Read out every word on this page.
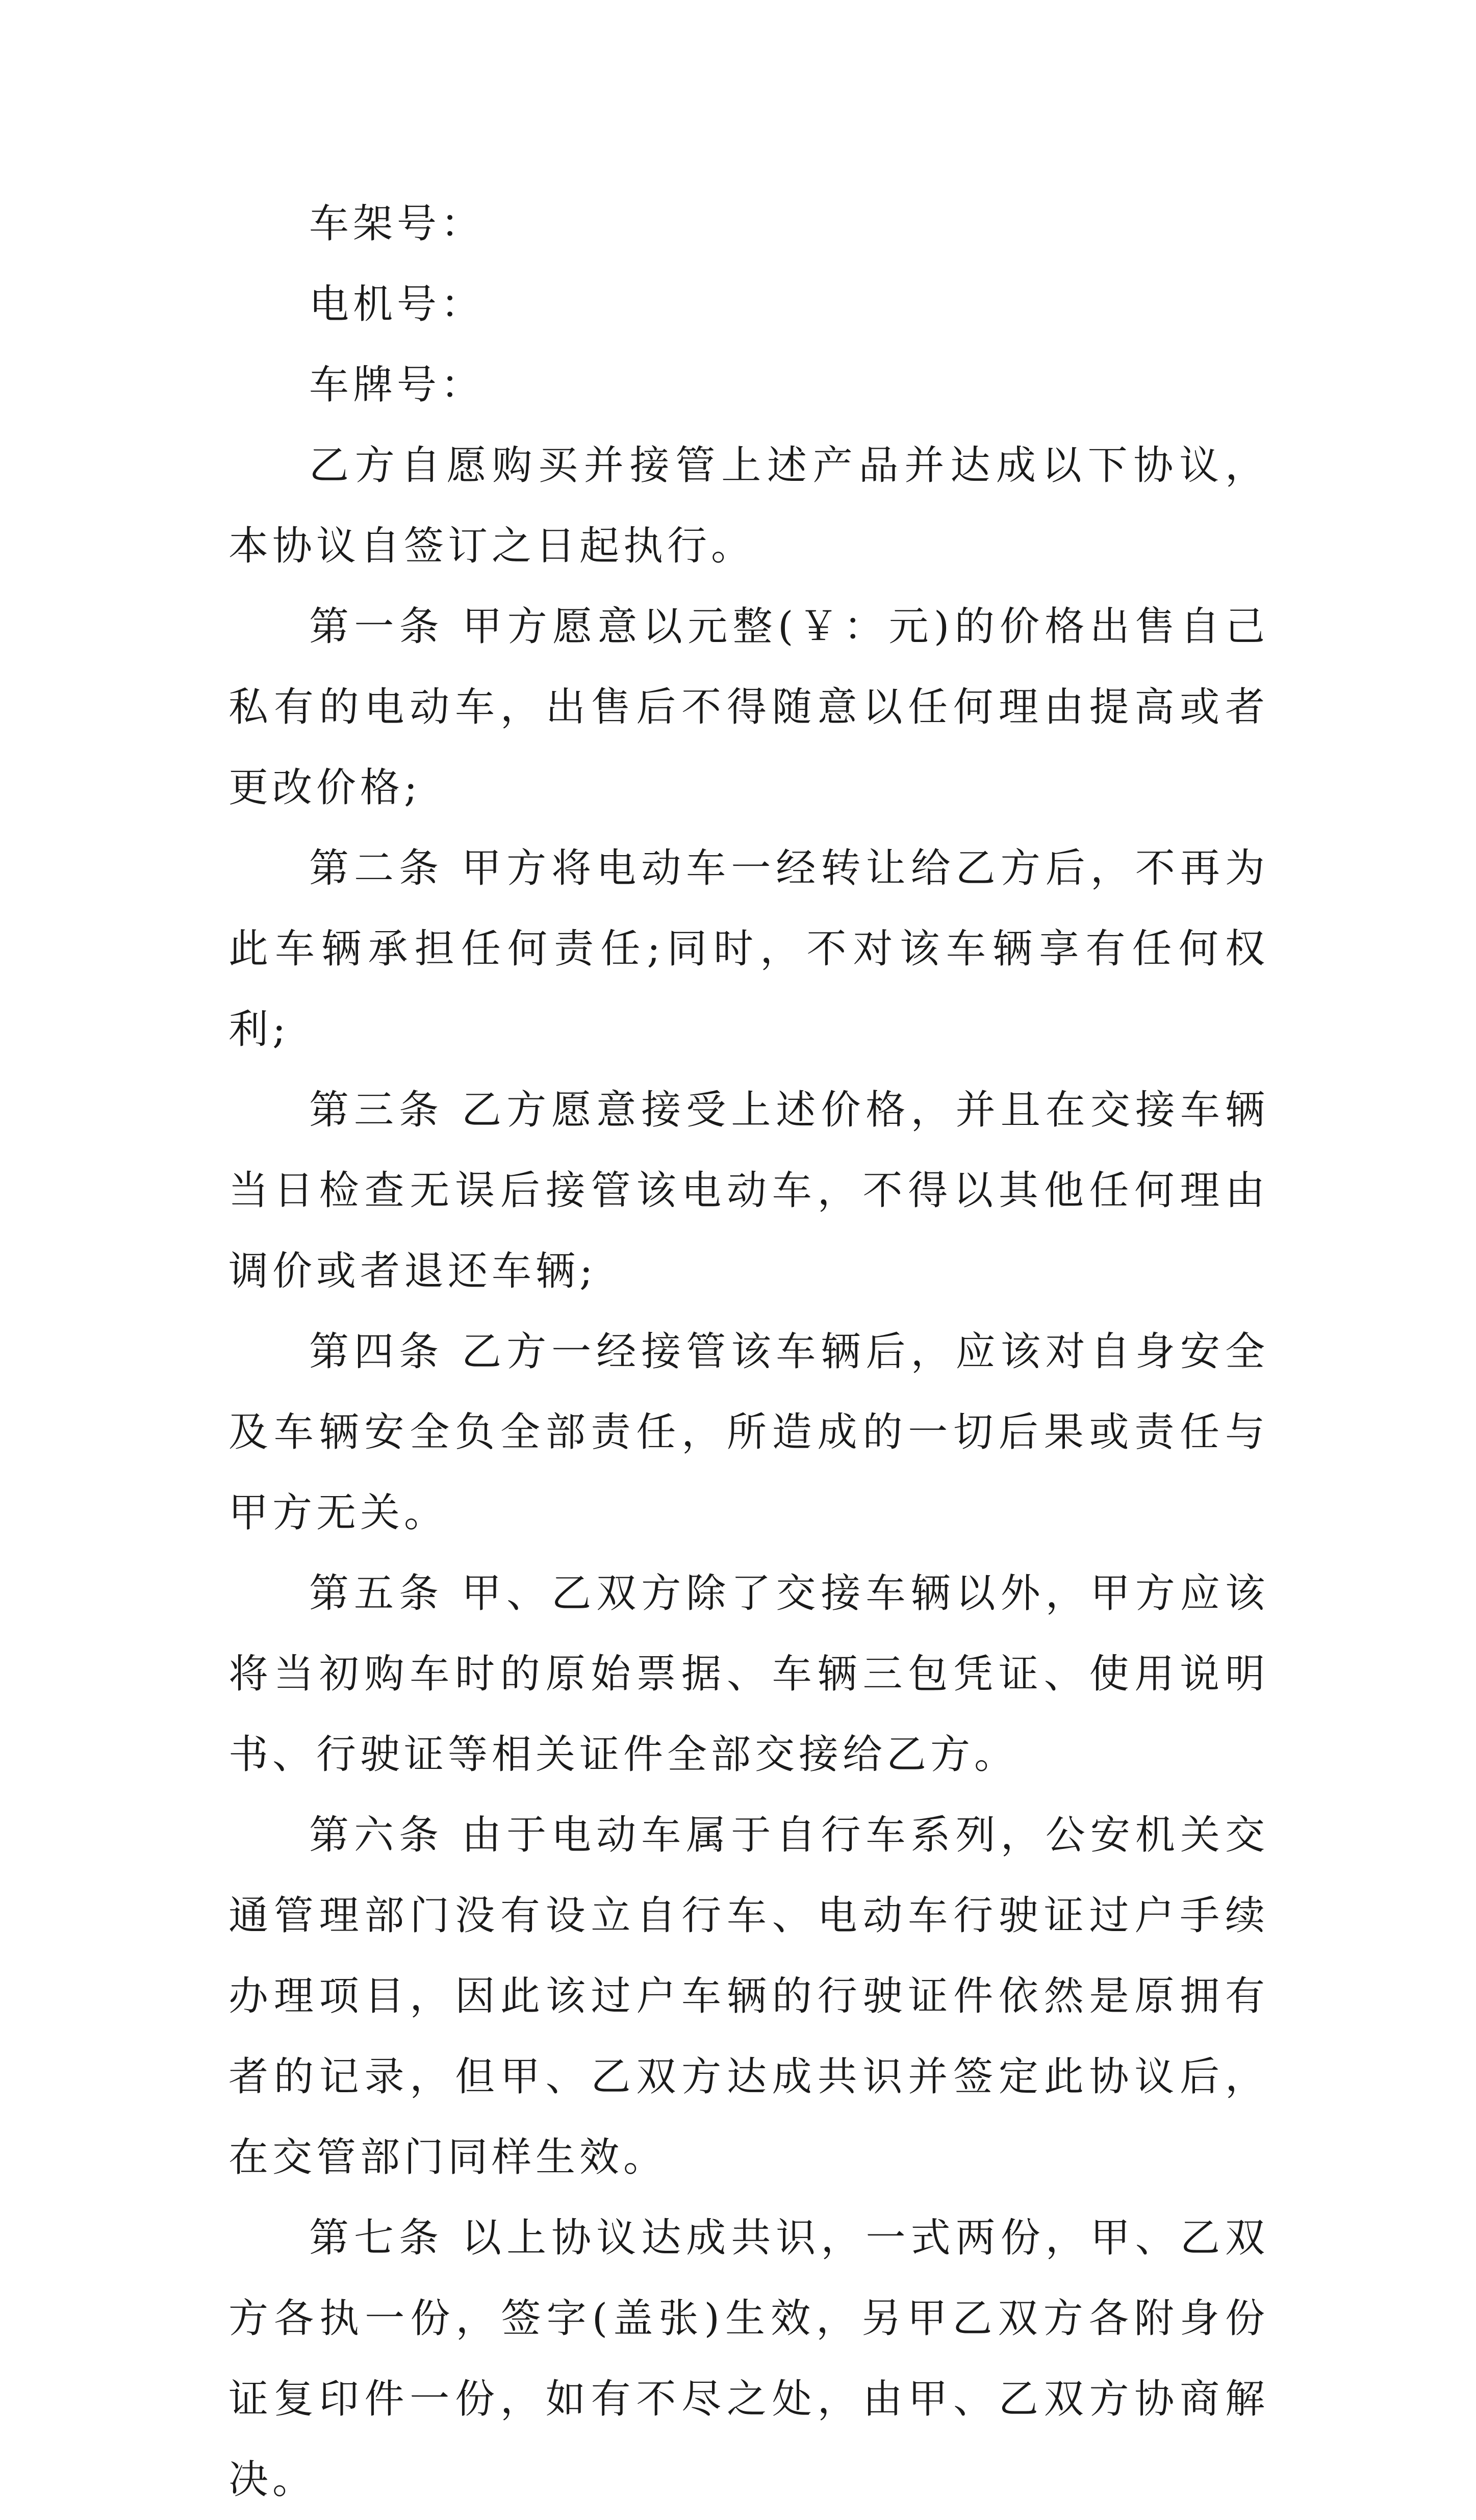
车架号：

电机号：

车牌号：

乙方自愿购买并接管上述产品并达成以下协议，本协议自签订之日起执行。

第一条 甲方愿意以元整(￥：元)的价格出售自己私有的电动车，出售后不得随意以任何理由提高或者更改价格;

第二条 甲方将电动车一经转让给乙方后，不再为此车辆承担任何责任;同时，不对该车辆享有任何权利;

第三条 乙方愿意接受上述价格，并且在交接车辆当日检查无误后接管该电动车，不得以其他任何理由调价或者退还车辆;

第四条 乙方一经接管该车辆后，应该对自身安全及车辆安全负全部责任，所造成的一切后果或责任与甲方无关。

第五条 甲、乙双方除了交接车辆以外，甲方应该将当初购车时的原始票据、车辆三包凭证、使用说明书、行驶证等相关证件全部交接给乙方。

第六条 由于电动车属于自行车系列，公安机关交通管理部门没有设立自行车、电动车行驶证过户手续办理项目，因此该过户车辆的行驶证件依然是原拥有者的记录，但甲、乙双方达成共识并签定此协议后，在交管部门同样生效。

第七条 以上协议达成共识，一式两份，甲、乙双方各执一份，签字(盖张)生效，另甲乙双方各附身份证复印件一份，如有不尽之处，由甲、乙双方协商解决。
